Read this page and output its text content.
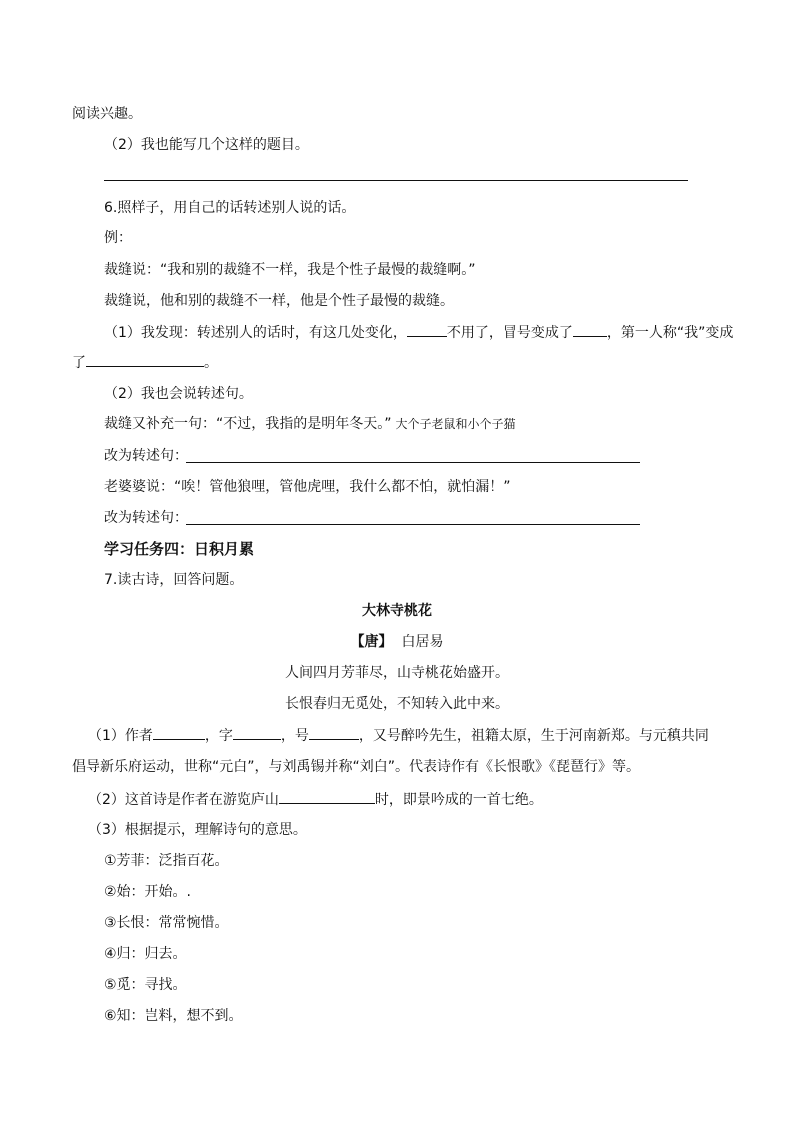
阅读兴趣。
（2）我也能写几个这样的题目。
6.照样子，用自己的话转述别人说的话。
例：
裁缝说：“我和别的裁缝不一样，我是个性子最慢的裁缝啊。”
裁缝说，他和别的裁缝不一样，他是个性子最慢的裁缝。
（1）我发现：转述别人的话时，有这几处变化，	不用了，冒号变成了 ，第一人称“我”变成
了	。
（2）我也会说转述句。
裁缝又补充一句：“不过，我指的是明年冬天。” 大个子老鼠和小个子猫
改为转述句：
老婆婆说：“唉！管他狼哩，管他虎哩，我什么都不怕，就怕漏！”
改为转述句：
学习任务四：日积月累
7.读古诗，回答问题。
大林寺桃花
【唐】 白居易
人间四月芳菲尽，山寺桃花始盛开。
长恨春归无觅处，不知转入此中来。
（1）作者	，字	，号	，又号醉吟先生，祖籍太原，生于河南新郑。与元稹共同
倡导新乐府运动，世称“元白”，与刘禹锡并称“刘白”。代表诗作有《长恨歌》《琵琶行》等。
（2）这首诗是作者在游览庐山	时，即景吟成的一首七绝。
（3）根据提示，理解诗句的意思。
①芳菲：泛指百花。
②始：开始。.
③长恨：常常惋惜。
④归：归去。
⑤觅：寻找。
⑥知：岂料，想不到。
